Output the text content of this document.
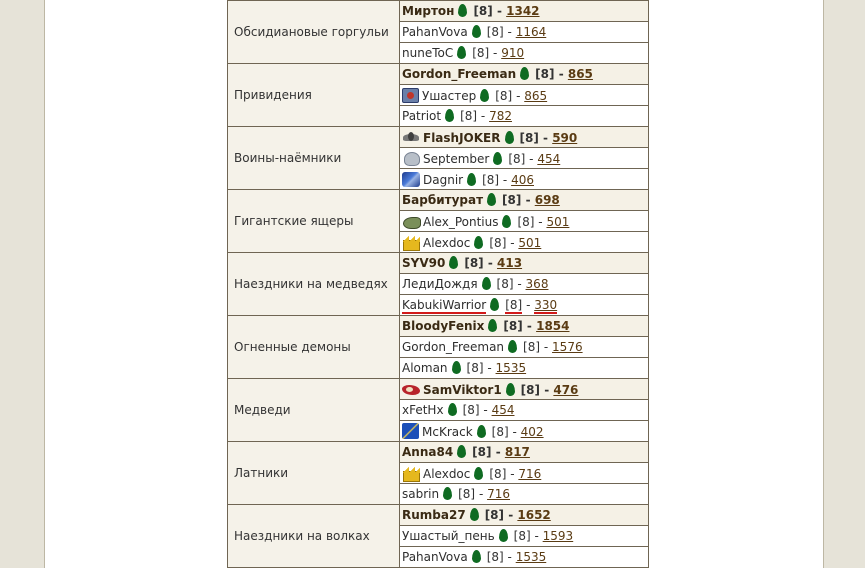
Обсидиановые горгульи	Миртон [8] - 1342
	PahanVova [8] - 1164
	nuneToC [8] - 910
Привидения	Gordon_Freeman [8] - 865
	Ушастер [8] - 865
	Patriot [8] - 782
Воины-наёмники	FlashJOKER [8] - 590
	September [8] - 454
	Dagnir [8] - 406
Гигантские ящеры	Барбитурат [8] - 698
	Alex_Pontius [8] - 501
	Alexdoc [8] - 501
Наездники на медведях	SYV90 [8] - 413
	ЛедиДождя [8] - 368
	KabukiWarrior [8] - 330
Огненные демоны	BloodyFenix [8] - 1854
	Gordon_Freeman [8] - 1576
	Aloman [8] - 1535
Медведи	SamViktor1 [8] - 476
	xFetHx [8] - 454
	McKrack [8] - 402
Латники	Anna84 [8] - 817
	Alexdoc [8] - 716
	sabrin [8] - 716
Наездники на волках	Rumba27 [8] - 1652
	Ушастый_пень [8] - 1593
	PahanVova [8] - 1535
